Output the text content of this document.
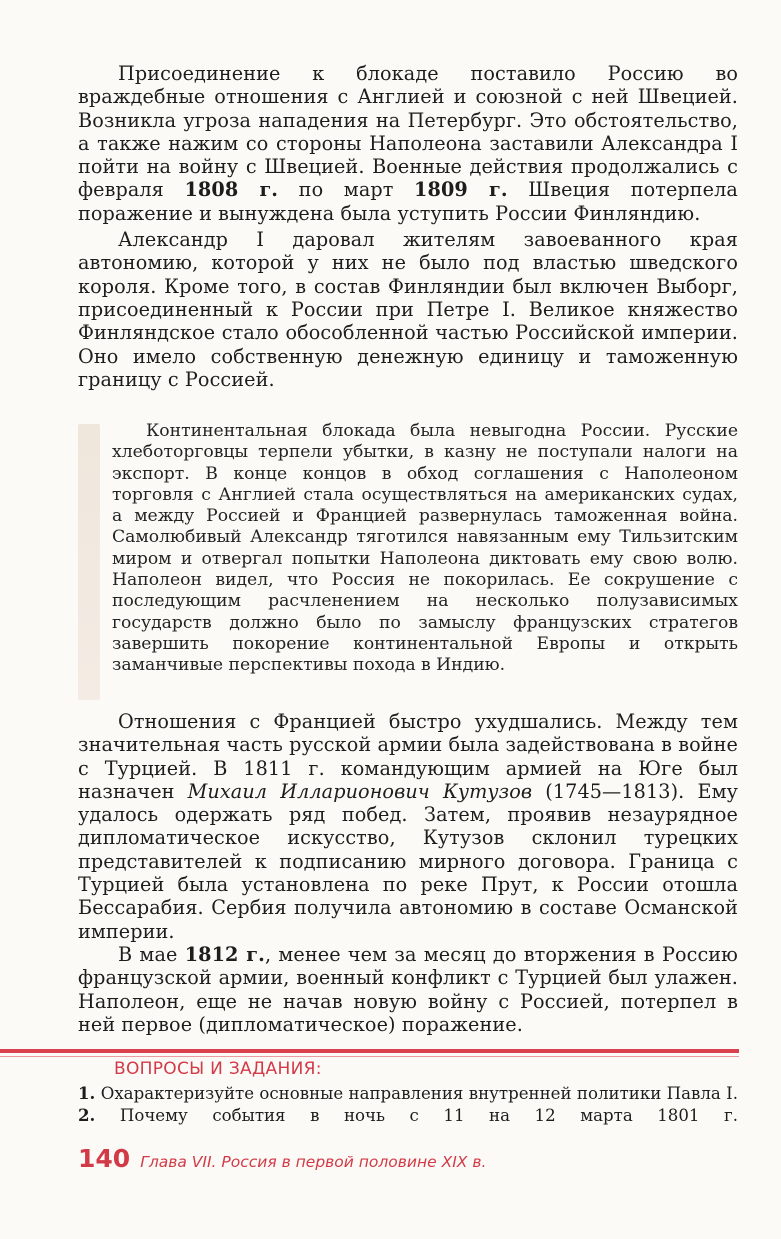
Присоединение к блокаде поставило Россию во враждебные отношения с Англией и союзной с ней Швецией. Возникла угроза нападения на Петербург. Это обстоятельство, а также нажим со стороны Наполеона заставили Александра I пойти на войну с Швецией. Военные действия продолжались с февраля 1808 г. по март 1809 г. Швеция потерпела поражение и вынуждена была уступить России Финляндию.

Александр I даровал жителям завоеванного края автономию, которой у них не было под властью шведского короля. Кроме того, в состав Финляндии был включен Выборг, присоединенный к России при Петре I. Великое княжество Финляндское стало обособленной частью Российской империи. Оно имело собственную денежную единицу и таможенную границу с Россией.

Континентальная блокада была невыгодна России. Русские хлеботорговцы терпели убытки, в казну не поступали налоги на экспорт. В конце концов в обход соглашения с Наполеоном торговля с Англией стала осуществляться на американских судах, а между Россией и Францией развернулась таможенная война. Самолюбивый Александр тяготился навязанным ему Тильзитским миром и отвергал попытки Наполеона диктовать ему свою волю. Наполеон видел, что Россия не покорилась. Ее сокрушение с последующим расчленением на несколько полузависимых государств должно было по замыслу французских стратегов завершить покорение континентальной Европы и открыть заманчивые перспективы похода в Индию.

Отношения с Францией быстро ухудшались. Между тем значительная часть русской армии была задействована в войне с Турцией. В 1811 г. командующим армией на Юге был назначен Михаил Илларионович Кутузов (1745—1813). Ему удалось одержать ряд побед. Затем, проявив незаурядное дипломатическое искусство, Кутузов склонил турецких представителей к подписанию мирного договора. Граница с Турцией была установлена по реке Прут, к России отошла Бессарабия. Сербия получила автономию в составе Османской империи.

В мае 1812 г., менее чем за месяц до вторжения в Россию французской армии, военный конфликт с Турцией был улажен. Наполеон, еще не начав новую войну с Россией, потерпел в ней первое (дипломатическое) поражение.

ВОПРОСЫ И ЗАДАНИЯ:
1. Охарактеризуйте основные направления внутренней политики Павла I. 2. Почему события в ночь с 11 на 12 марта 1801 г.
140 Глава VII. Россия в первой половине XIX в.
